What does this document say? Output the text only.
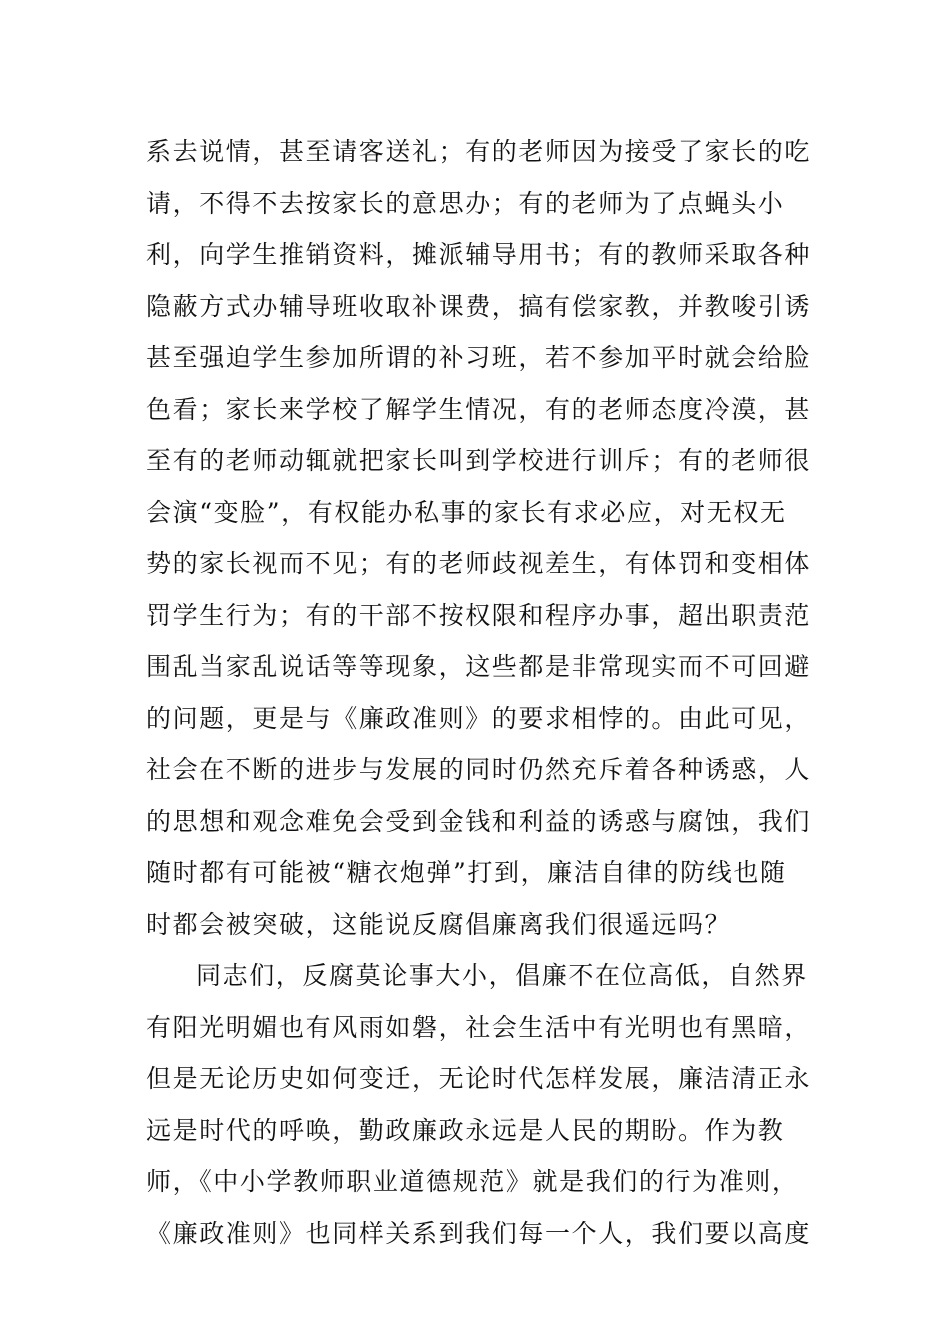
系去说情，甚至请客送礼；有的老师因为接受了家长的吃
请，不得不去按家长的意思办；有的老师为了点蝇头小
利，向学生推销资料，摊派辅导用书；有的教师采取各种
隐蔽方式办辅导班收取补课费，搞有偿家教，并教唆引诱
甚至强迫学生参加所谓的补习班，若不参加平时就会给脸
色看；家长来学校了解学生情况，有的老师态度冷漠，甚
至有的老师动辄就把家长叫到学校进行训斥；有的老师很
会演“变脸”，有权能办私事的家长有求必应，对无权无
势的家长视而不见；有的老师歧视差生，有体罚和变相体
罚学生行为；有的干部不按权限和程序办事，超出职责范
围乱当家乱说话等等现象，这些都是非常现实而不可回避
的问题，更是与《廉政准则》的要求相悖的。由此可见，
社会在不断的进步与发展的同时仍然充斥着各种诱惑，人
的思想和观念难免会受到金钱和利益的诱惑与腐蚀，我们
随时都有可能被“糖衣炮弹”打到，廉洁自律的防线也随
时都会被突破，这能说反腐倡廉离我们很遥远吗？
同志们，反腐莫论事大小，倡廉不在位高低，自然界
有阳光明媚也有风雨如磐，社会生活中有光明也有黑暗，
但是无论历史如何变迁，无论时代怎样发展，廉洁清正永
远是时代的呼唤，勤政廉政永远是人民的期盼。作为教
师，《中小学教师职业道德规范》就是我们的行为准则，
《廉政准则》也同样关系到我们每一个人，我们要以高度
